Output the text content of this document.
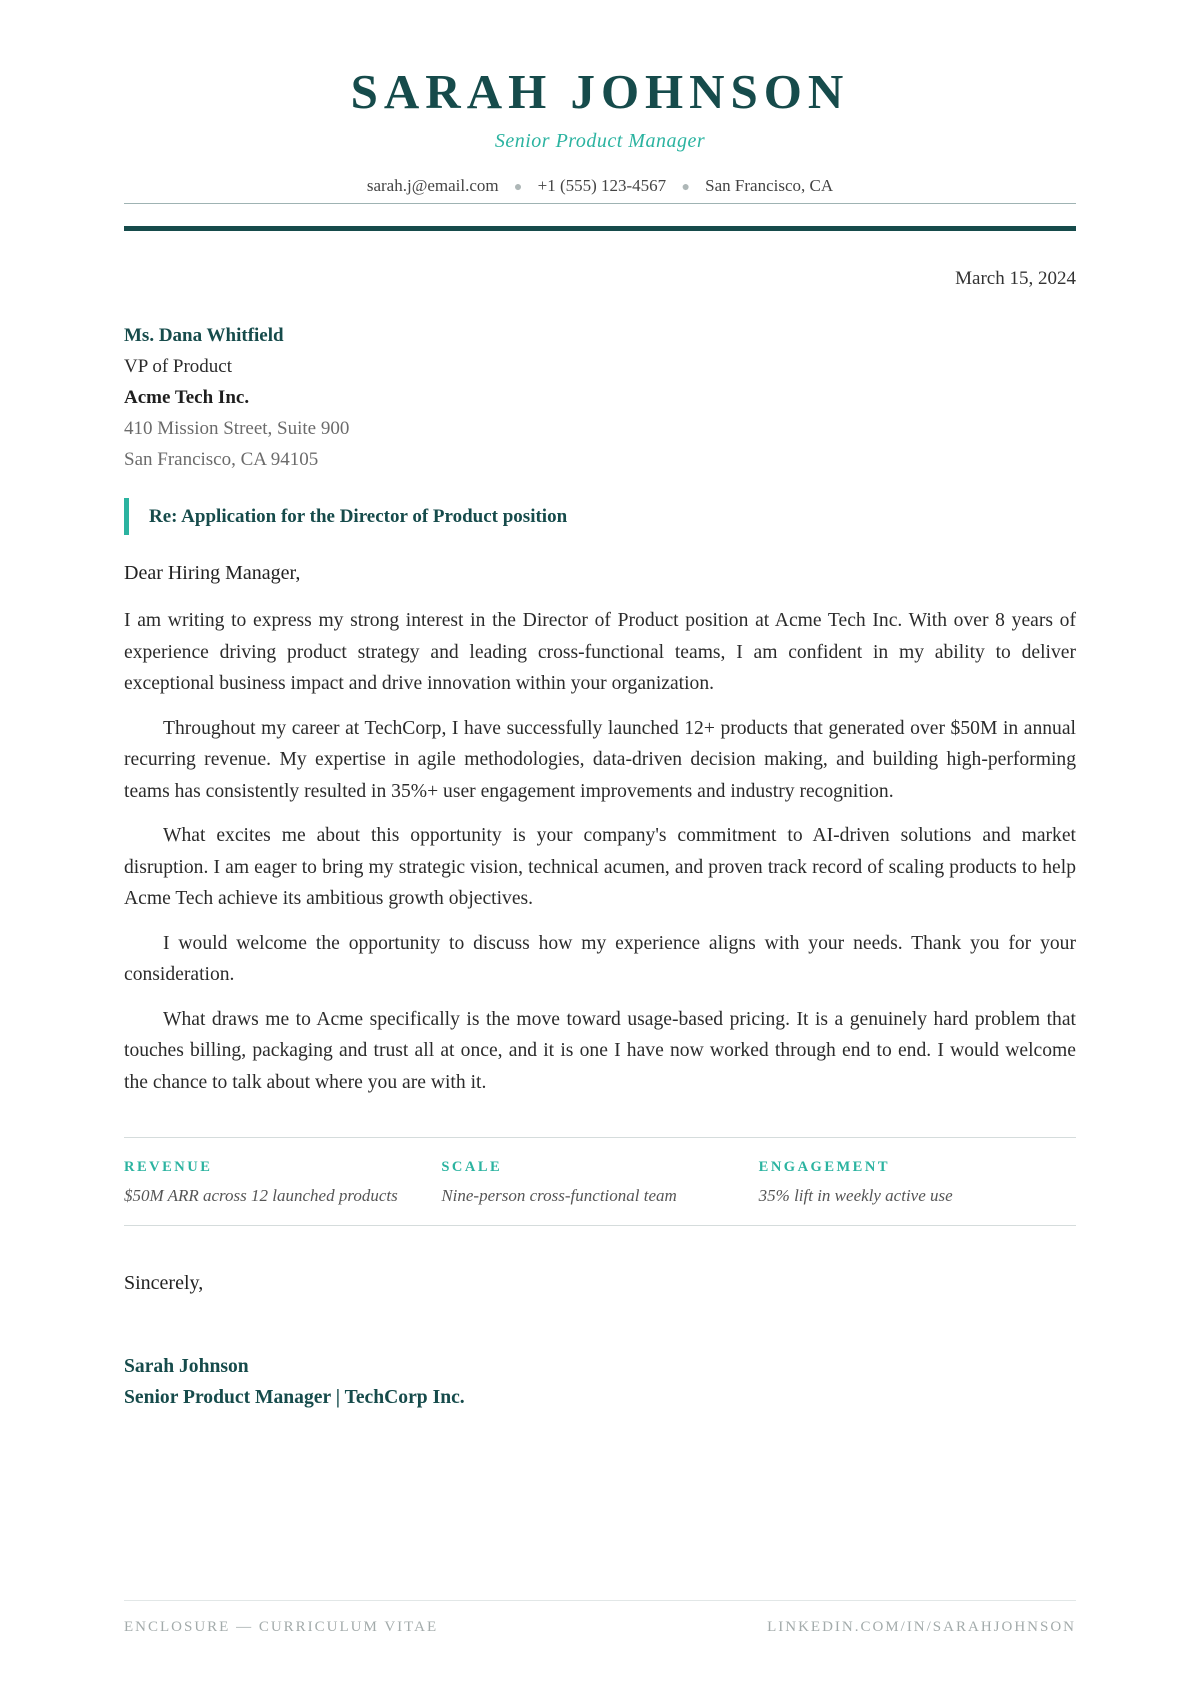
SARAH JOHNSON
Senior Product Manager
sarah.j@email.com ● +1 (555) 123-4567 ● San Francisco, CA
March 15, 2024
Ms. Dana Whitfield
VP of Product
Acme Tech Inc.
410 Mission Street, Suite 900
San Francisco, CA 94105
Re: Application for the Director of Product position
Dear Hiring Manager,

I am writing to express my strong interest in the Director of Product position at Acme Tech Inc. With over 8 years of experience driving product strategy and leading cross-functional teams, I am confident in my ability to deliver exceptional business impact and drive innovation within your organization.

Throughout my career at TechCorp, I have successfully launched 12+ products that generated over $50M in annual recurring revenue. My expertise in agile methodologies, data-driven decision making, and building high-performing teams has consistently resulted in 35%+ user engagement improvements and industry recognition.

What excites me about this opportunity is your company's commitment to AI-driven solutions and market disruption. I am eager to bring my strategic vision, technical acumen, and proven track record of scaling products to help Acme Tech achieve its ambitious growth objectives.

I would welcome the opportunity to discuss how my experience aligns with your needs. Thank you for your consideration.

What draws me to Acme specifically is the move toward usage-based pricing. It is a genuinely hard problem that touches billing, packaging and trust all at once, and it is one I have now worked through end to end. I would welcome the chance to talk about where you are with it.

REVENUE
$50M ARR across 12 launched products
SCALE
Nine-person cross-functional team
ENGAGEMENT
35% lift in weekly active use
Sincerely,
Sarah Johnson
Senior Product Manager | TechCorp Inc.
ENCLOSURE — CURRICULUM VITAE	LINKEDIN.COM/IN/SARAHJOHNSON
